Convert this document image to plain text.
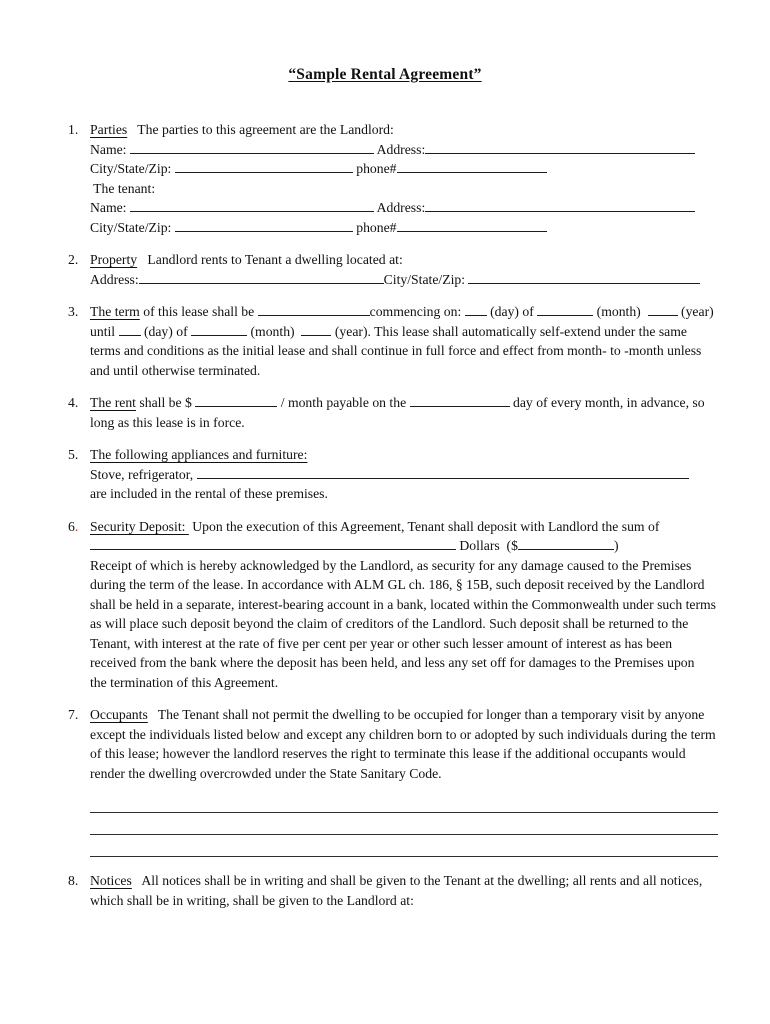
“Sample Rental Agreement”
1. Parties   The parties to this agreement are the Landlord:
Name:	Address:
City/State/Zip:	phone#
The tenant:
Name:	Address:
City/State/Zip:	phone#
2. Property   Landlord rents to Tenant a dwelling located at:
Address:	City/State/Zip:
3. The term of this lease shall be	commencing on:  (day) of	(month)   (year)
until  (day) of	(month)   (year). This lease shall automatically self-extend under the same
terms and conditions as the initial lease and shall continue in full force and effect from month- to -month unless
and until otherwise terminated.
4. The rent shall be $	/ month payable on the	day of every month, in advance, so
long as this lease is in force.
5. The following appliances and furniture:
Stove, refrigerator,
are included in the rental of these premises.
6. Security Deposit:  Upon the execution of this Agreement, Tenant shall deposit with Landlord the sum of
Dollars  ($	)
Receipt of which is hereby acknowledged by the Landlord, as security for any damage caused to the Premises
during the term of the lease. In accordance with ALM GL ch. 186, § 15B, such deposit received by the Landlord
shall be held in a separate, interest-bearing account in a bank, located within the Commonwealth under such terms
as will place such deposit beyond the claim of creditors of the Landlord. Such deposit shall be returned to the
Tenant, with interest at the rate of five per cent per year or other such lesser amount of interest as has been
received from the bank where the deposit has been held, and less any set off for damages to the Premises upon
the termination of this Agreement.
7. Occupants   The Tenant shall not permit the dwelling to be occupied for longer than a temporary visit by anyone
except the individuals listed below and except any children born to or adopted by such individuals during the term
of this lease; however the landlord reserves the right to terminate this lease if the additional occupants would
render the dwelling overcrowded under the State Sanitary Code.
8. Notices   All notices shall be in writing and shall be given to the Tenant at the dwelling; all rents and all notices,
which shall be in writing, shall be given to the Landlord at:
